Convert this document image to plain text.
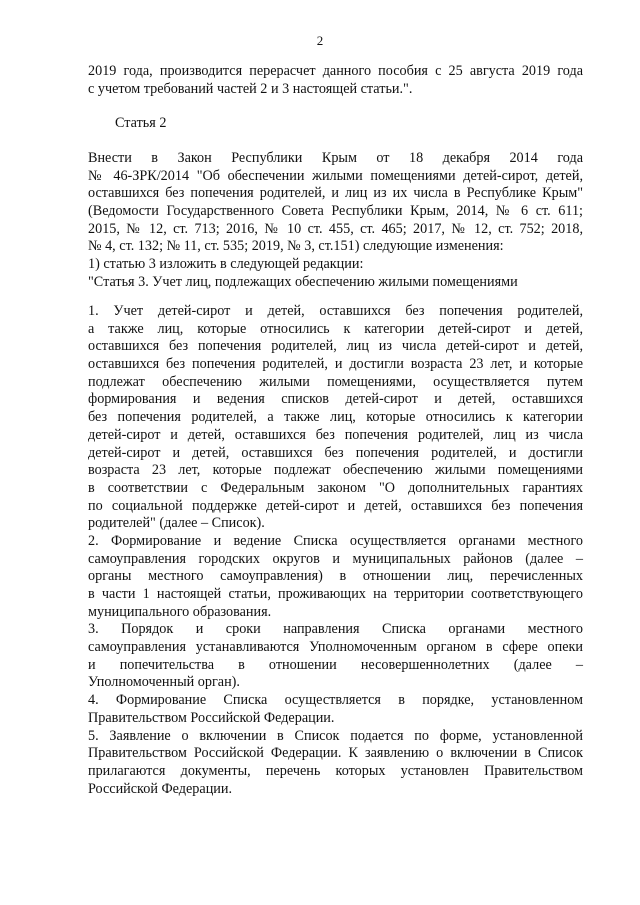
2
2019 года, производится перерасчет данного пособия с 25 августа 2019 года
с учетом требований частей 2 и 3 настоящей статьи.".
Статья 2
Внести в Закон Республики Крым от 18 декабря 2014 года
№ 46-ЗРК/2014 "Об обеспечении жилыми помещениями детей-сирот, детей,
оставшихся без попечения родителей, и лиц из их числа в Республике Крым"
(Ведомости Государственного Совета Республики Крым, 2014, № 6 ст. 611;
2015, № 12, ст. 713; 2016, № 10 ст. 455, ст. 465; 2017, № 12, ст. 752; 2018,
№ 4, ст. 132; № 11, ст. 535; 2019, № 3, ст.151) следующие изменения:
1) статью 3 изложить в следующей редакции:
"Статья 3. Учет лиц, подлежащих обеспечению жилыми помещениями
1. Учет детей-сирот и детей, оставшихся без попечения родителей,
а также лиц, которые относились к категории детей-сирот и детей,
оставшихся без попечения родителей, лиц из числа детей-сирот и детей,
оставшихся без попечения родителей, и достигли возраста 23 лет, и которые
подлежат обеспечению жилыми помещениями, осуществляется путем
формирования и ведения списков детей-сирот и детей, оставшихся
без попечения родителей, а также лиц, которые относились к категории
детей-сирот и детей, оставшихся без попечения родителей, лиц из числа
детей-сирот и детей, оставшихся без попечения родителей, и достигли
возраста 23 лет, которые подлежат обеспечению жилыми помещениями
в соответствии с Федеральным законом "О дополнительных гарантиях
по социальной поддержке детей-сирот и детей, оставшихся без попечения
родителей" (далее – Список).
2. Формирование и ведение Списка осуществляется органами местного
самоуправления городских округов и муниципальных районов (далее –
органы местного самоуправления) в отношении лиц, перечисленных
в части 1 настоящей статьи, проживающих на территории соответствующего
муниципального образования.
3. Порядок и сроки направления Списка органами местного
самоуправления устанавливаются Уполномоченным органом в сфере опеки
и попечительства в отношении несовершеннолетних (далее –
Уполномоченный орган).
4. Формирование Списка осуществляется в порядке, установленном
Правительством Российской Федерации.
5. Заявление о включении в Список подается по форме, установленной
Правительством Российской Федерации. К заявлению о включении в Список
прилагаются документы, перечень которых установлен Правительством
Российской Федерации.
